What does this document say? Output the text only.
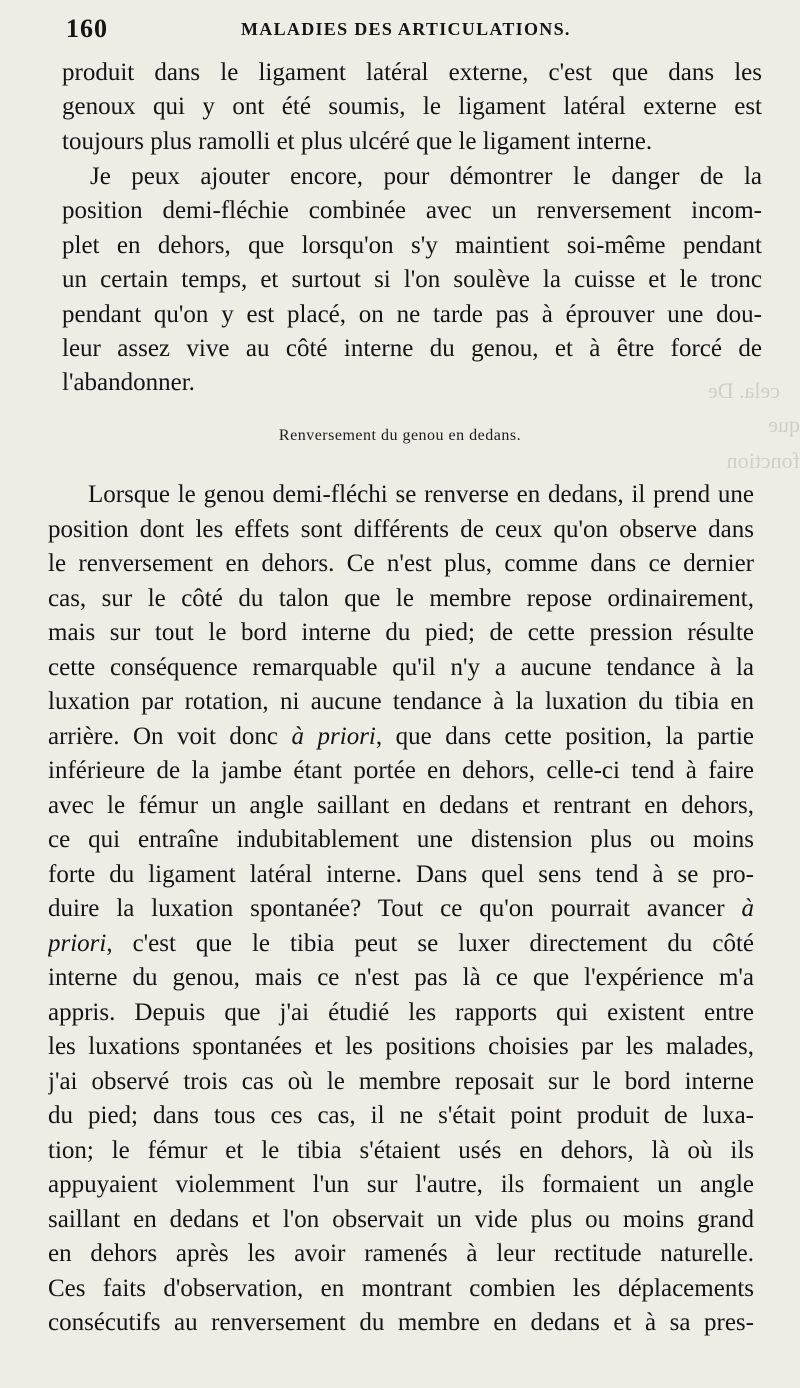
160	MALADIES DES ARTICULATIONS.
produit dans le ligament latéral externe, c'est que dans les
genoux qui y ont été soumis, le ligament latéral externe est
toujours plus ramolli et plus ulcéré que le ligament interne.
Je peux ajouter encore, pour démontrer le danger de la
position demi-fléchie combinée avec un renversement incom-
plet en dehors, que lorsqu'on s'y maintient soi-même pendant
un certain temps, et surtout si l'on soulève la cuisse et le tronc
pendant qu'on y est placé, on ne tarde pas à éprouver une dou-
leur assez vive au côté interne du genou, et à être forcé de
l'abandonner.
Renversement du genou en dedans.
Lorsque le genou demi-fléchi se renverse en dedans, il prend une
position dont les effets sont différents de ceux qu'on observe dans
le renversement en dehors. Ce n'est plus, comme dans ce dernier
cas, sur le côté du talon que le membre repose ordinairement,
mais sur tout le bord interne du pied; de cette pression résulte
cette conséquence remarquable qu'il n'y a aucune tendance à la
luxation par rotation, ni aucune tendance à la luxation du tibia en
arrière. On voit donc à priori, que dans cette position, la partie
inférieure de la jambe étant portée en dehors, celle-ci tend à faire
avec le fémur un angle saillant en dedans et rentrant en dehors,
ce qui entraîne indubitablement une distension plus ou moins
forte du ligament latéral interne. Dans quel sens tend à se pro-
duire la luxation spontanée? Tout ce qu'on pourrait avancer à
priori, c'est que le tibia peut se luxer directement du côté
interne du genou, mais ce n'est pas là ce que l'expérience m'a
appris. Depuis que j'ai étudié les rapports qui existent entre
les luxations spontanées et les positions choisies par les malades,
j'ai observé trois cas où le membre reposait sur le bord interne
du pied; dans tous ces cas, il ne s'était point produit de luxa-
tion; le fémur et le tibia s'étaient usés en dehors, là où ils
appuyaient violemment l'un sur l'autre, ils formaient un angle
saillant en dedans et l'on observait un vide plus ou moins grand
en dehors après les avoir ramenés à leur rectitude naturelle.
Ces faits d'observation, en montrant combien les déplacements
consécutifs au renversement du membre en dedans et à sa pres-
cela. De
que
fonction
